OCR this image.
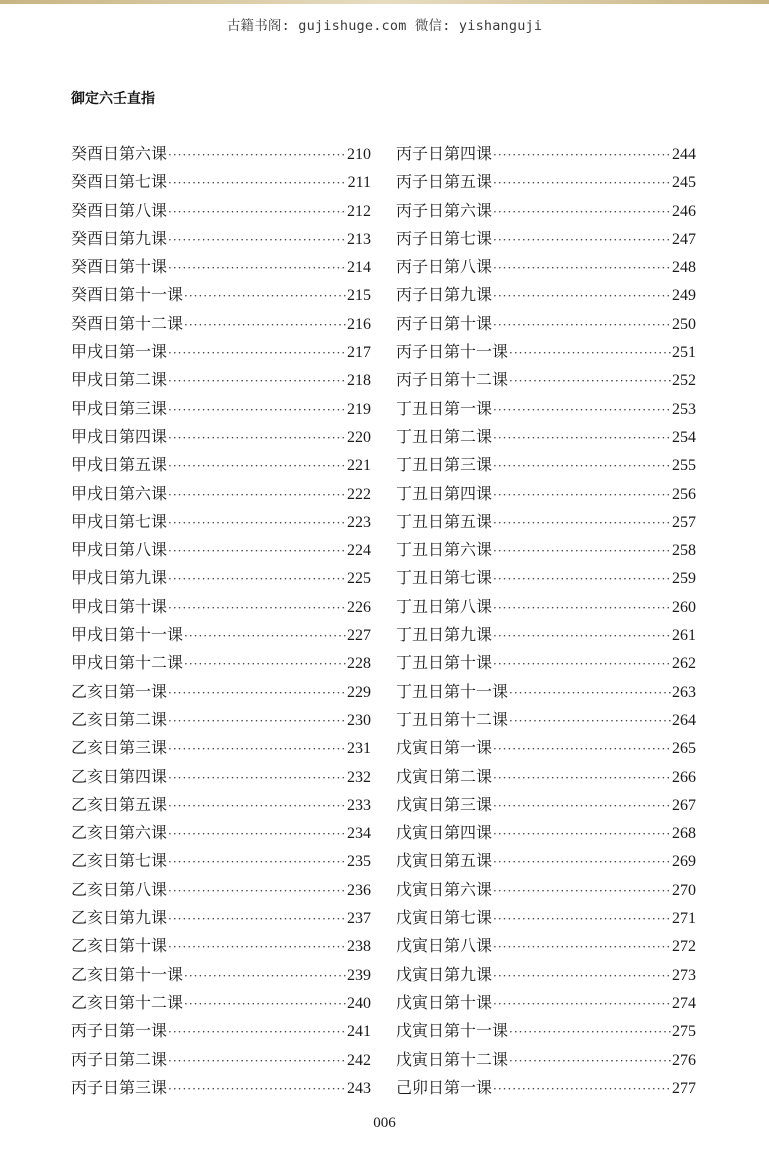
古籍书阁: gujishuge.com 微信: yishanguji
御定六壬直指
癸酉日第六课 ·····	210
癸酉日第七课 ·····	211
癸酉日第八课 ·····	212
癸酉日第九课 ·····	213
癸酉日第十课 ·····	214
癸酉日第十一课 ·····	215
癸酉日第十二课 ·····	216
甲戌日第一课 ·····	217
甲戌日第二课 ·····	218
甲戌日第三课 ·····	219
甲戌日第四课 ·····	220
甲戌日第五课 ·····	221
甲戌日第六课 ·····	222
甲戌日第七课 ·····	223
甲戌日第八课 ·····	224
甲戌日第九课 ·····	225
甲戌日第十课 ·····	226
甲戌日第十一课 ·····	227
甲戌日第十二课 ·····	228
乙亥日第一课 ·····	229
乙亥日第二课 ·····	230
乙亥日第三课 ·····	231
乙亥日第四课 ·····	232
乙亥日第五课 ·····	233
乙亥日第六课 ·····	234
乙亥日第七课 ·····	235
乙亥日第八课 ·····	236
乙亥日第九课 ·····	237
乙亥日第十课 ·····	238
乙亥日第十一课 ·····	239
乙亥日第十二课 ·····	240
丙子日第一课 ·····	241
丙子日第二课 ·····	242
丙子日第三课 ·····	243
丙子日第四课 ·····	244
丙子日第五课 ·····	245
丙子日第六课 ·····	246
丙子日第七课 ·····	247
丙子日第八课 ·····	248
丙子日第九课 ·····	249
丙子日第十课 ·····	250
丙子日第十一课 ·····	251
丙子日第十二课 ·····	252
丁丑日第一课 ·····	253
丁丑日第二课 ·····	254
丁丑日第三课 ·····	255
丁丑日第四课 ·····	256
丁丑日第五课 ·····	257
丁丑日第六课 ·····	258
丁丑日第七课 ·····	259
丁丑日第八课 ·····	260
丁丑日第九课 ·····	261
丁丑日第十课 ·····	262
丁丑日第十一课 ·····	263
丁丑日第十二课 ·····	264
戊寅日第一课 ·····	265
戊寅日第二课 ·····	266
戊寅日第三课 ·····	267
戊寅日第四课 ·····	268
戊寅日第五课 ·····	269
戊寅日第六课 ·····	270
戊寅日第七课 ·····	271
戊寅日第八课 ·····	272
戊寅日第九课 ·····	273
戊寅日第十课 ·····	274
戊寅日第十一课 ·····	275
戊寅日第十二课 ·····	276
己卯日第一课 ·····	277
006
